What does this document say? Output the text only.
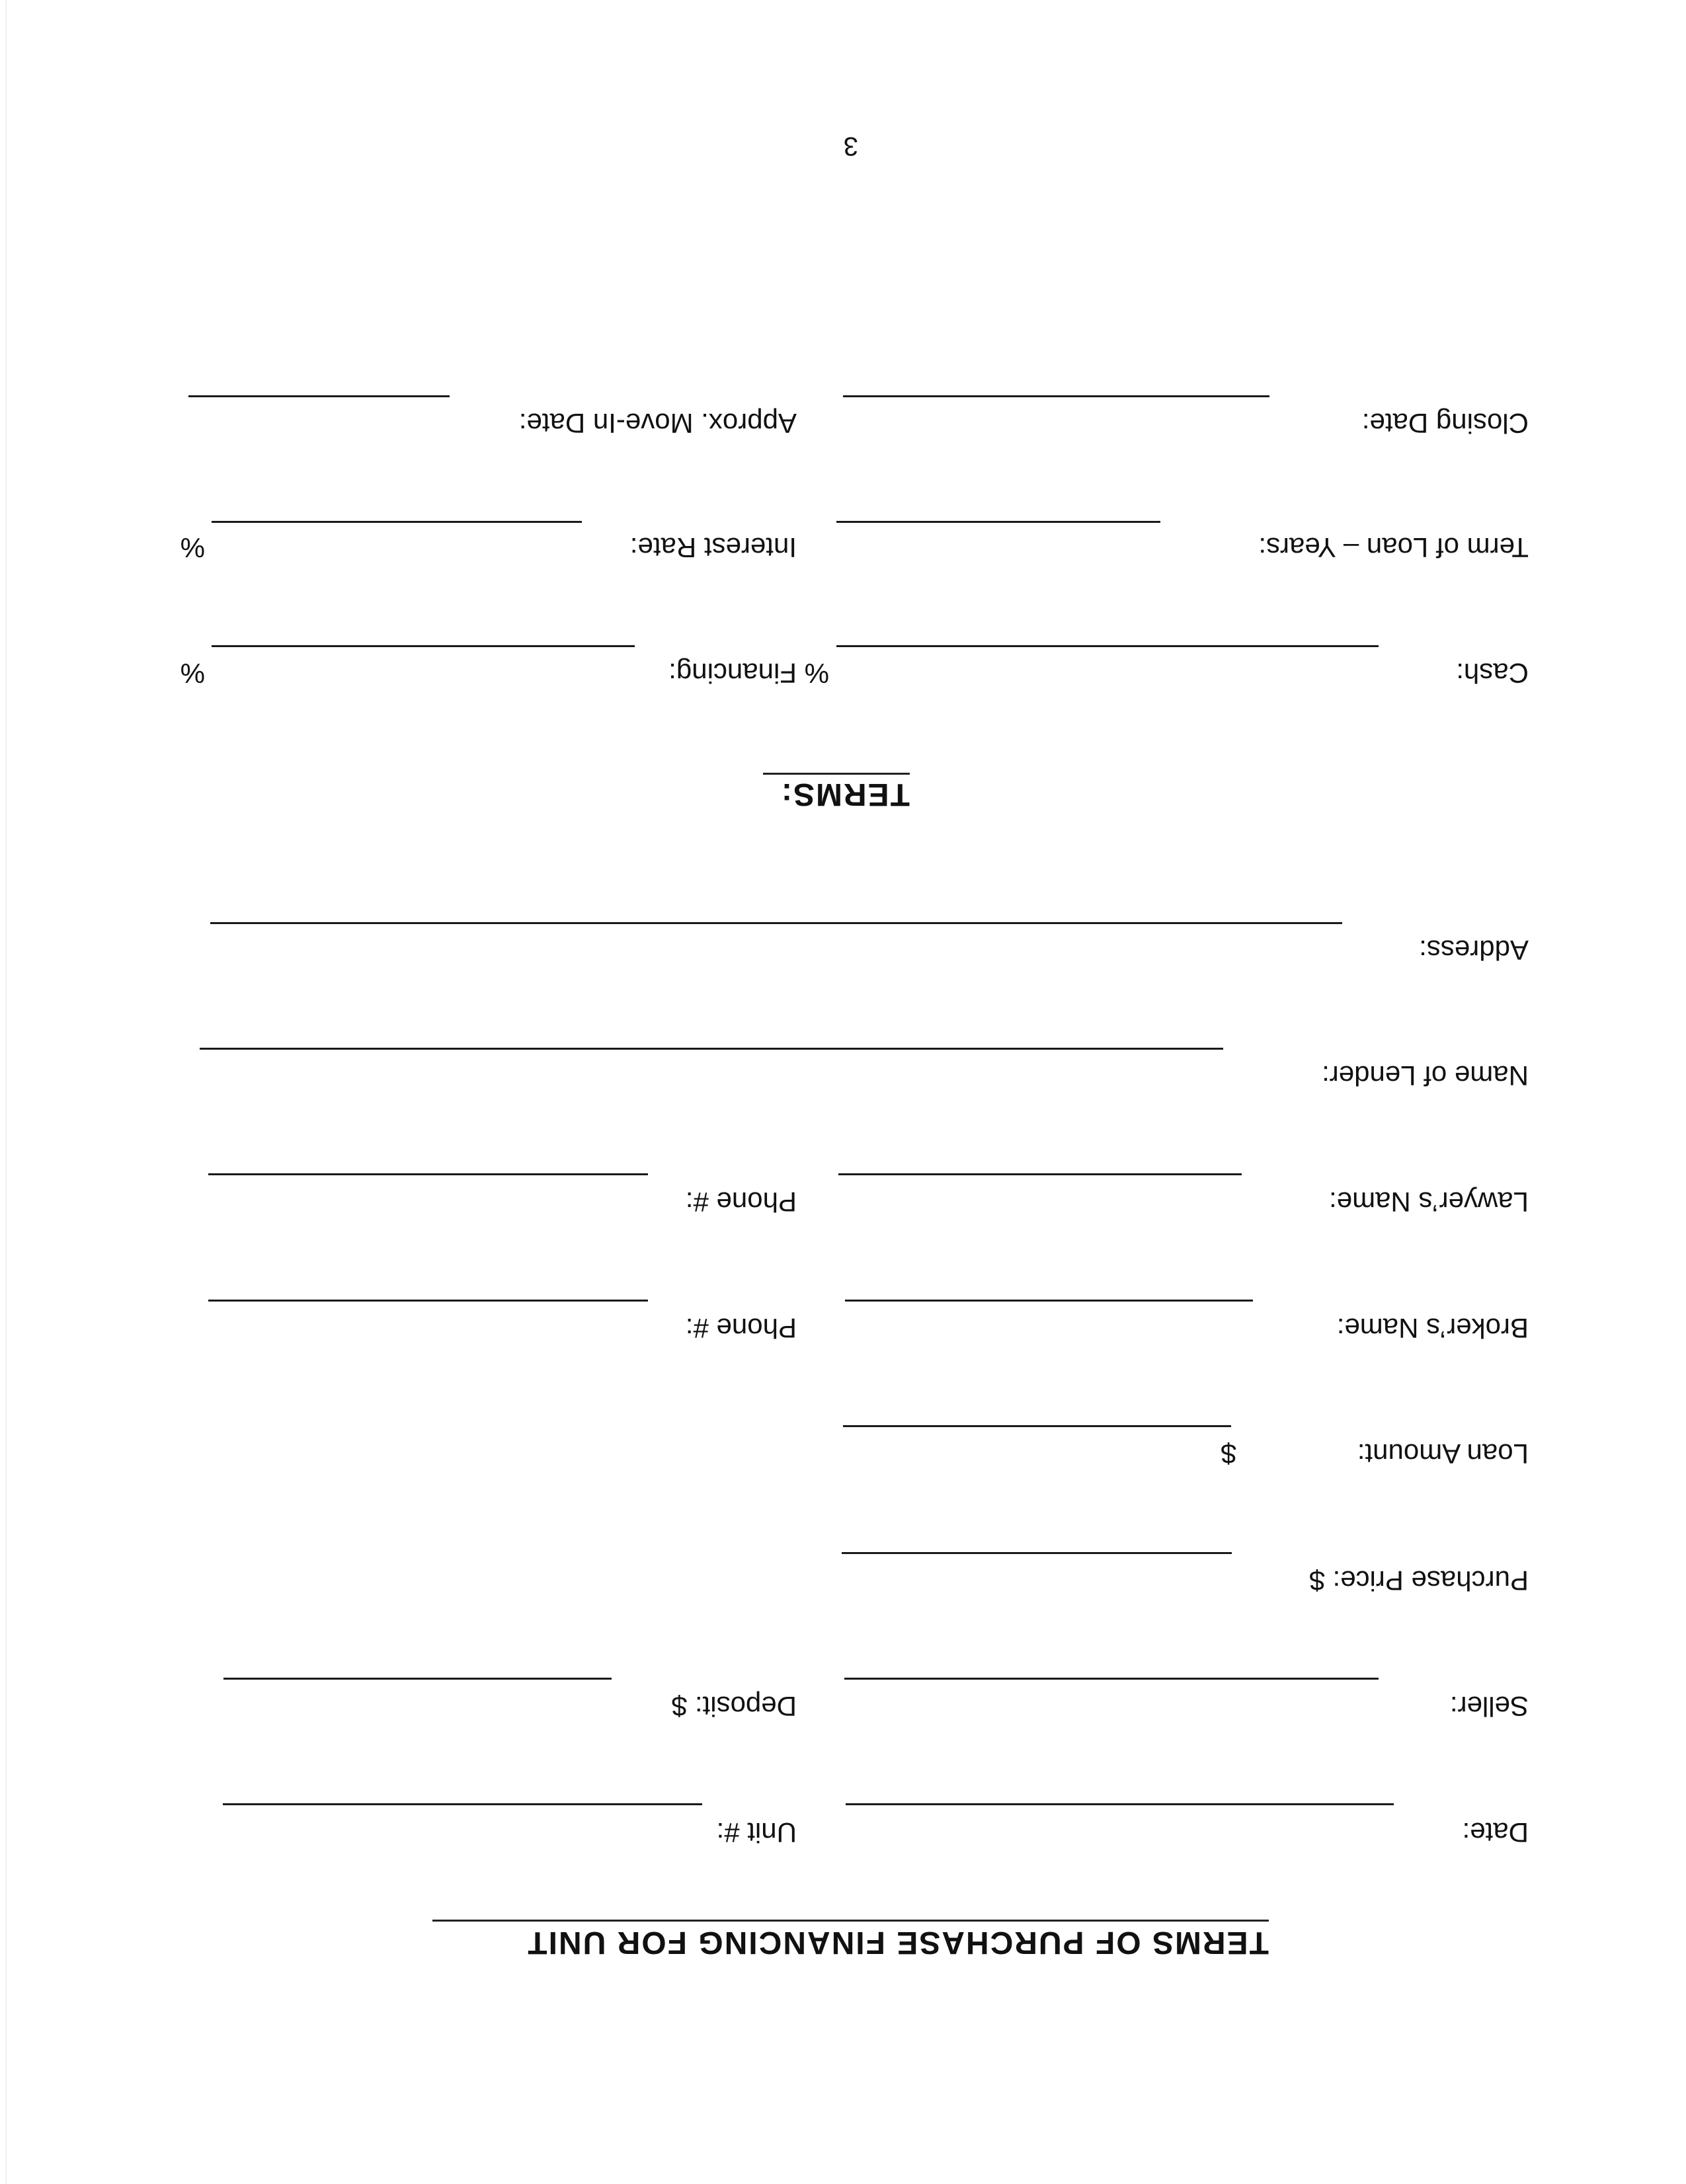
TERMS OF PURCHASE FINANCING FOR UNIT
Date:
Unit #:
Seller:
Deposit: $
Purchase Price: $
Loan Amount:
$
Broker’s Name:
Phone #:
Lawyer’s Name:
Phone #:
Name of Lender:
Address:
TERMS:
Cash:
%
Financing:
%
Term of Loan – Years:
Interest Rate:
%
Closing Date:
Approx. Move-In Date:
3
